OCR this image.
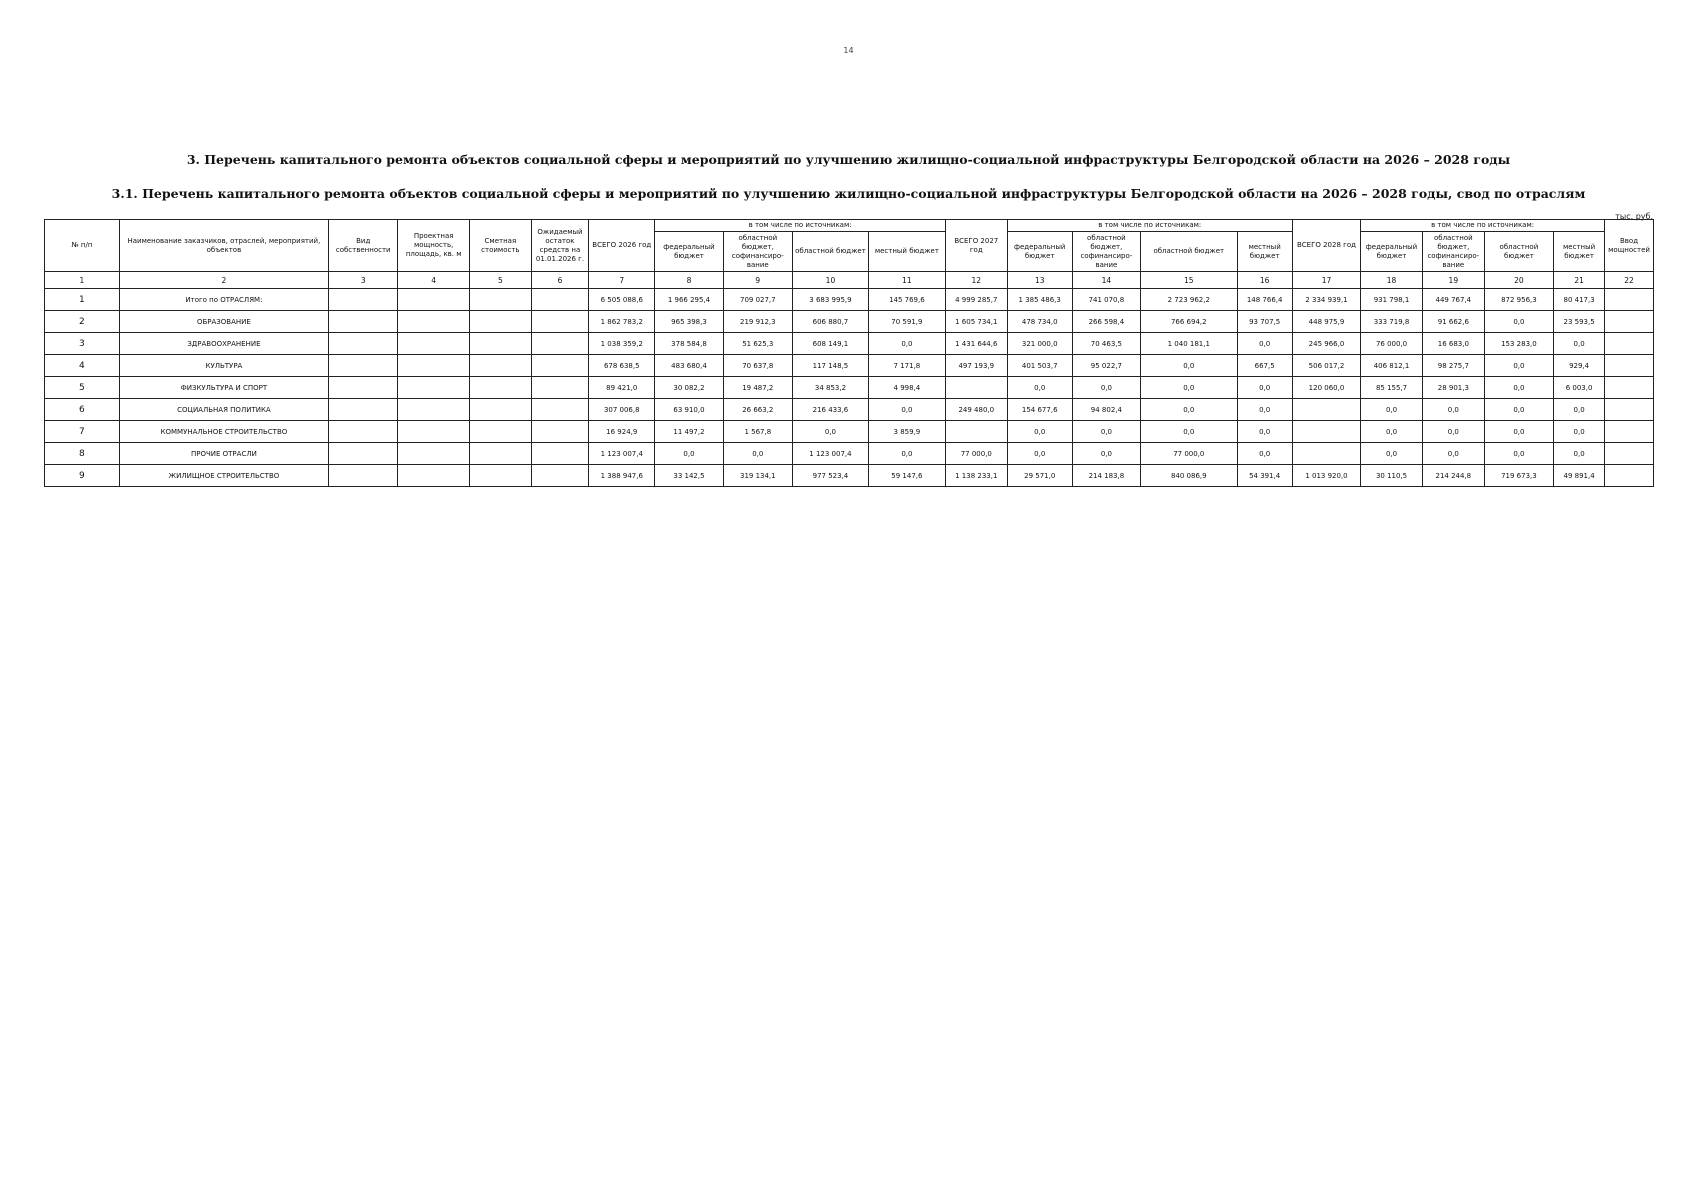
14
3. Перечень капитального ремонта объектов социальной сферы и мероприятий по улучшению жилищно-социальной инфраструктуры Белгородской области на 2026 – 2028 годы
3.1. Перечень капитального ремонта объектов социальной сферы и мероприятий по улучшению жилищно-социальной инфраструктуры Белгородской области на 2026 – 2028 годы, свод по отраслям
тыс. руб.
№ п/п	Наименование заказчиков, отраслей, мероприятий, объектов	Вид собственности	Проектная мощность, площадь, кв. м	Сметная стоимость	Ожидаемый остаток средств на 01.01.2026 г.	ВСЕГО 2026 год	в том числе по источникам:				ВСЕГО 2027 год	в том числе по источникам:				ВСЕГО 2028 год	в том числе по источникам:				Ввод мощностей
							федеральный бюджет	областной бюджет, софинансиро-вание	областной бюджет	местный бюджет		федеральный бюджет	областной бюджет, софинансиро-вание	областной бюджет	местный бюджет		федеральный бюджет	областной бюджет, софинансиро-вание	областной бюджет	местный бюджет	
1	2	3	4	5	6	7	8	9	10	11	12	13	14	15	16	17	18	19	20	21	22
1	Итого по ОТРАСЛЯМ:					6 505 088,6	1 966 295,4	709 027,7	3 683 995,9	145 769,6	4 999 285,7	1 385 486,3	741 070,8	2 723 962,2	148 766,4	2 334 939,1	931 798,1	449 767,4	872 956,3	80 417,3	
2	ОБРАЗОВАНИЕ					1 862 783,2	965 398,3	219 912,3	606 880,7	70 591,9	1 605 734,1	478 734,0	266 598,4	766 694,2	93 707,5	448 975,9	333 719,8	91 662,6	0,0	23 593,5	
3	ЗДРАВООХРАНЕНИЕ					1 038 359,2	378 584,8	51 625,3	608 149,1	0,0	1 431 644,6	321 000,0	70 463,5	1 040 181,1	0,0	245 966,0	76 000,0	16 683,0	153 283,0	0,0	
4	КУЛЬТУРА					678 638,5	483 680,4	70 637,8	117 148,5	7 171,8	497 193,9	401 503,7	95 022,7	0,0	667,5	506 017,2	406 812,1	98 275,7	0,0	929,4	
5	ФИЗКУЛЬТУРА И СПОРТ					89 421,0	30 082,2	19 487,2	34 853,2	4 998,4		0,0	0,0	0,0	0,0	120 060,0	85 155,7	28 901,3	0,0	6 003,0	
6	СОЦИАЛЬНАЯ ПОЛИТИКА					307 006,8	63 910,0	26 663,2	216 433,6	0,0	249 480,0	154 677,6	94 802,4	0,0	0,0		0,0	0,0	0,0	0,0	
7	КОММУНАЛЬНОЕ СТРОИТЕЛЬСТВО					16 924,9	11 497,2	1 567,8	0,0	3 859,9		0,0	0,0	0,0	0,0		0,0	0,0	0,0	0,0	
8	ПРОЧИЕ ОТРАСЛИ					1 123 007,4	0,0	0,0	1 123 007,4	0,0	77 000,0	0,0	0,0	77 000,0	0,0		0,0	0,0	0,0	0,0	
9	ЖИЛИЩНОЕ СТРОИТЕЛЬСТВО					1 388 947,6	33 142,5	319 134,1	977 523,4	59 147,6	1 138 233,1	29 571,0	214 183,8	840 086,9	54 391,4	1 013 920,0	30 110,5	214 244,8	719 673,3	49 891,4	
